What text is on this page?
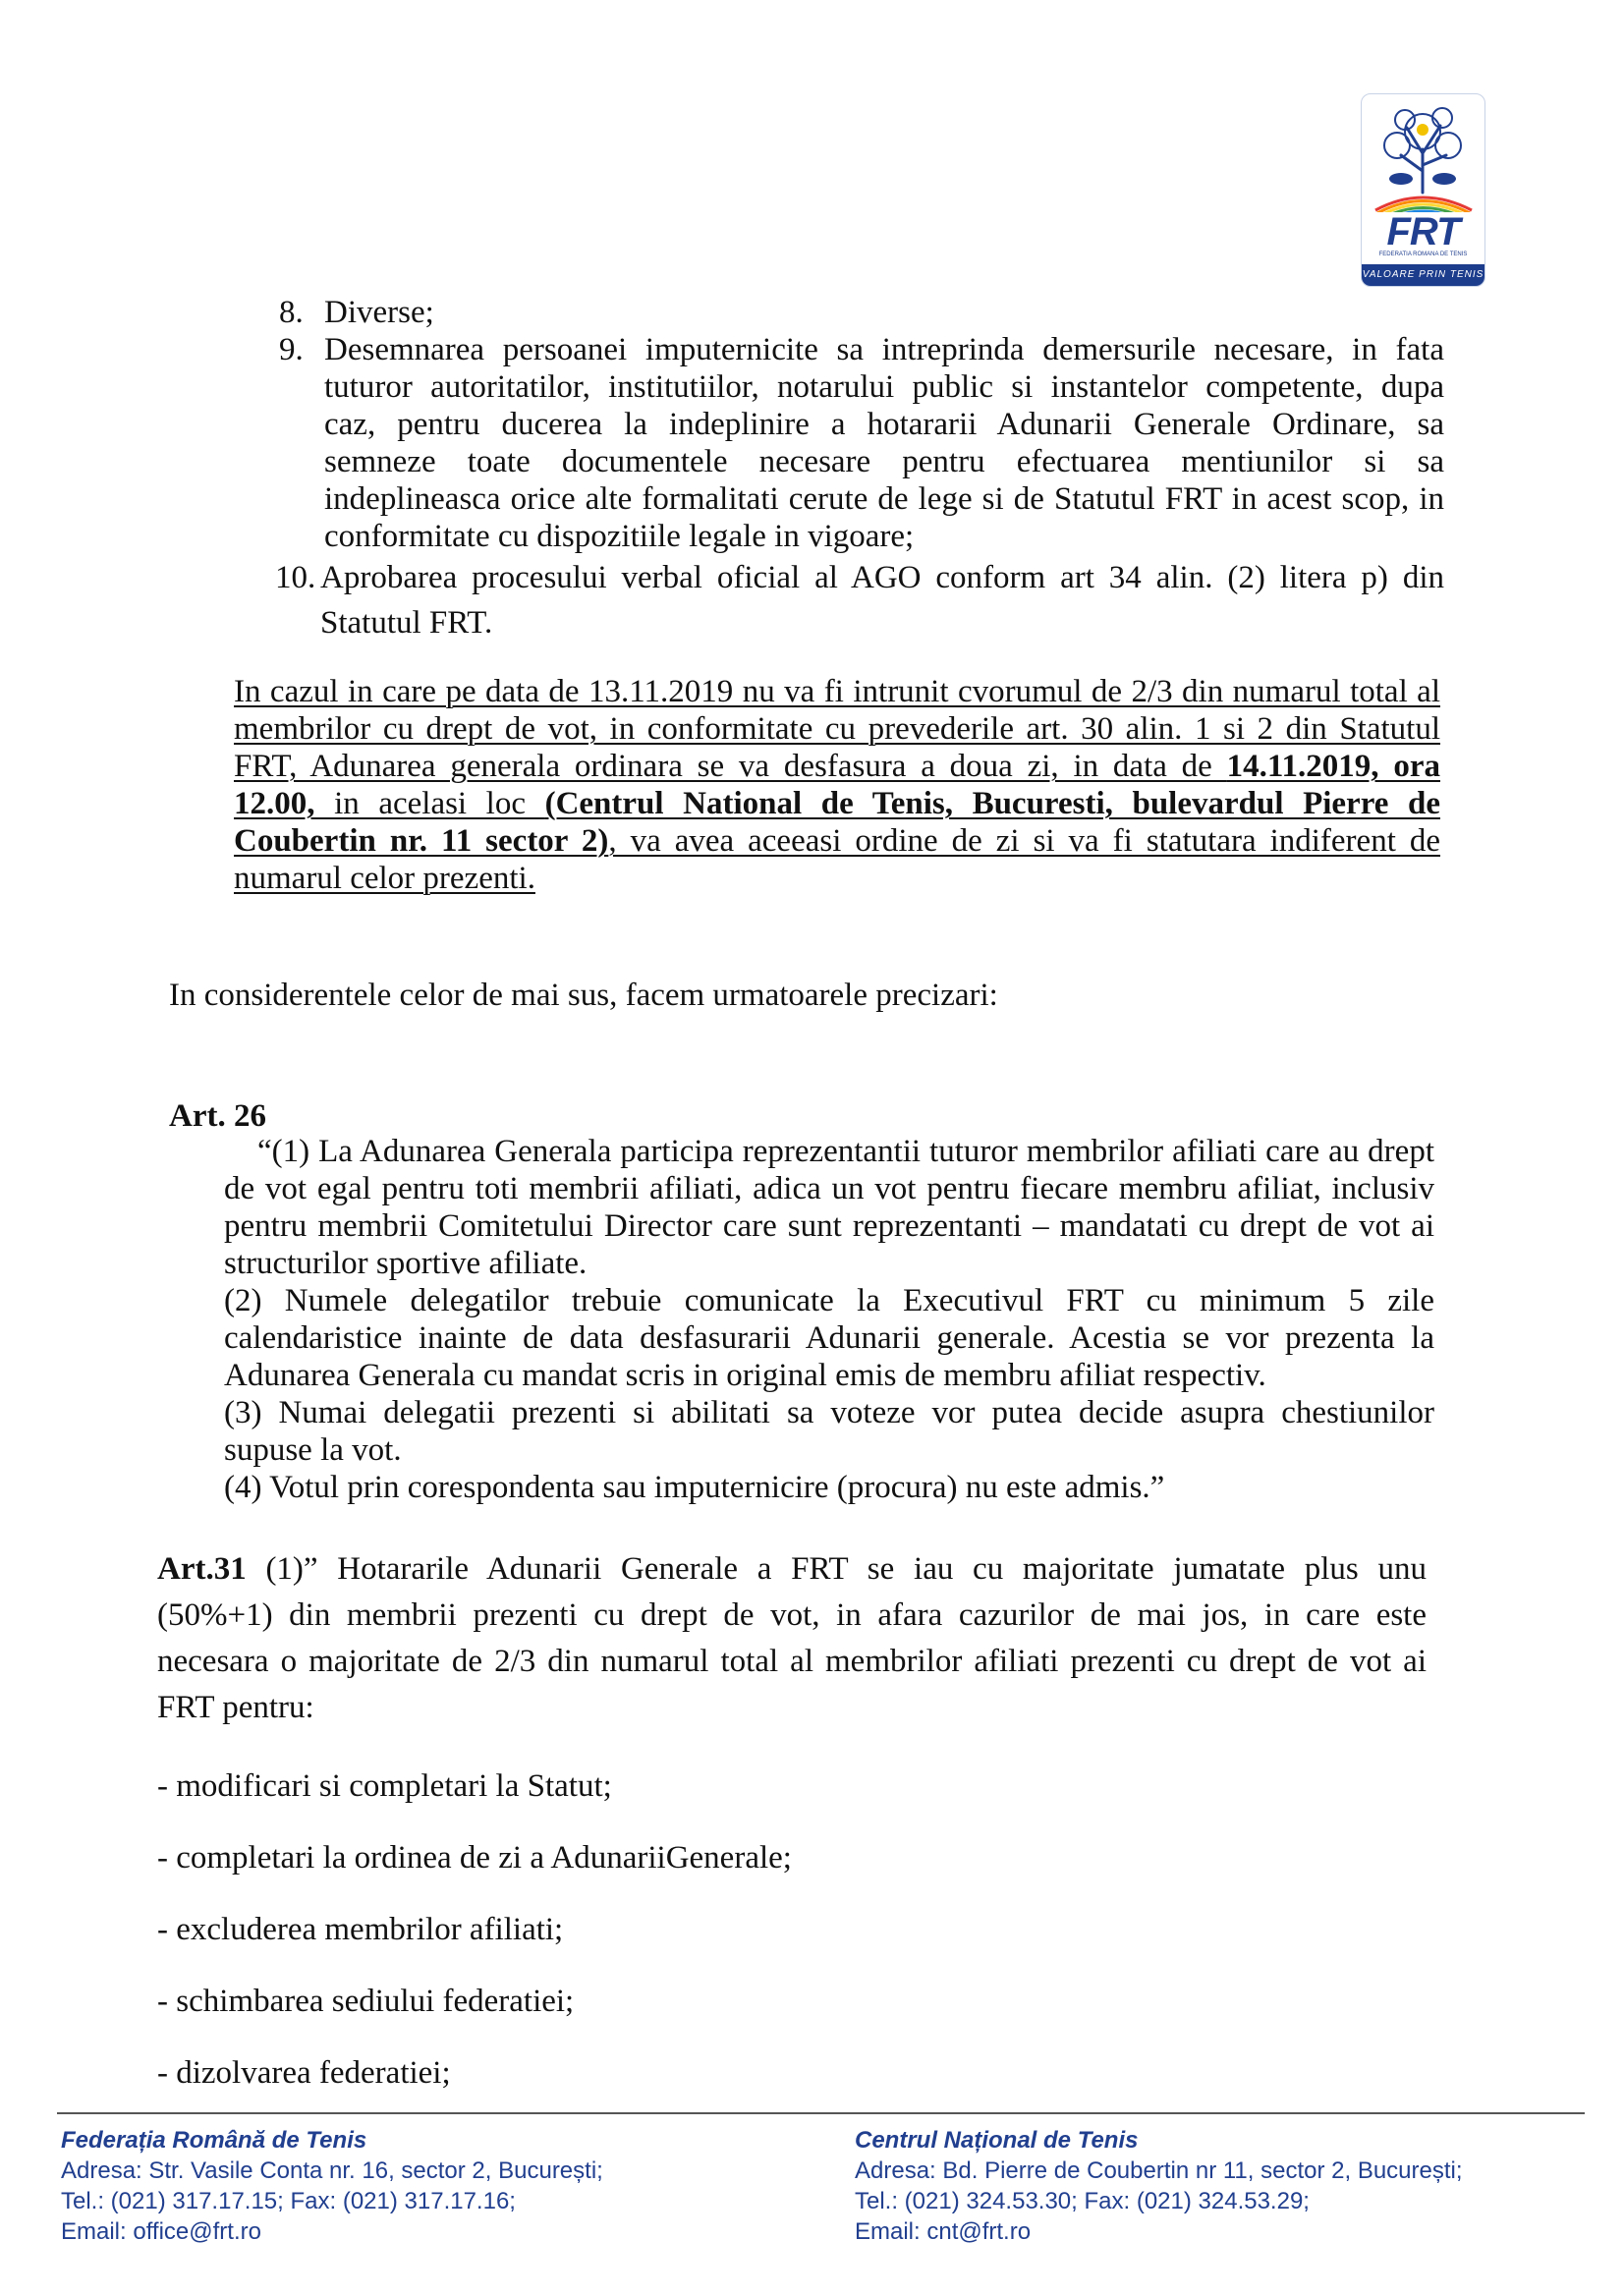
FRT
FEDERATIA ROMANA DE TENIS
VALOARE PRIN TENIS
8. Diverse;
9. Desemnarea persoanei imputernicite sa intreprinda demersurile necesare, in fata
tuturor autoritatilor, institutiilor, notarului public si instantelor competente, dupa
caz, pentru ducerea la indeplinire a hotararii Adunarii Generale Ordinare, sa
semneze toate documentele necesare pentru efectuarea mentiunilor si sa
indeplineasca orice alte formalitati cerute de lege si de Statutul FRT in acest scop, in
conformitate cu dispozitiile legale in vigoare;
10. Aprobarea procesului verbal oficial al AGO conform art 34 alin. (2) litera p) din
Statutul FRT.
In cazul in care pe data de 13.11.2019 nu va fi intrunit cvorumul de 2/3 din numarul total al
membrilor cu drept de vot, in conformitate cu prevederile art. 30 alin. 1 si 2 din Statutul
FRT, Adunarea generala ordinara se va desfasura a doua zi, in data de 14.11.2019, ora
12.00, in acelasi loc (Centrul National de Tenis, Bucuresti, bulevardul Pierre de
Coubertin nr. 11 sector 2), va avea aceeasi ordine de zi si va fi statutara indiferent de
numarul celor prezenti.
In considerentele celor de mai sus, facem urmatoarele precizari:
Art. 26
“(1) La Adunarea Generala participa reprezentantii tuturor membrilor afiliati care au drept
de vot egal pentru toti membrii afiliati, adica un vot pentru fiecare membru afiliat, inclusiv
pentru membrii Comitetului Director care sunt reprezentanti – mandatati cu drept de vot ai
structurilor sportive afiliate.
(2) Numele delegatilor trebuie comunicate la Executivul FRT cu minimum 5 zile
calendaristice inainte de data desfasurarii Adunarii generale. Acestia se vor prezenta la
Adunarea Generala cu mandat scris in original emis de membru afiliat respectiv.
(3) Numai delegatii prezenti si abilitati sa voteze vor putea decide asupra chestiunilor
supuse la vot.
(4) Votul prin corespondenta sau imputernicire (procura) nu este admis.”
Art.31 (1)” Hotararile Adunarii Generale a FRT se iau cu majoritate jumatate plus unu
(50%+1) din membrii prezenti cu drept de vot, in afara cazurilor de mai jos, in care este
necesara o majoritate de 2/3 din numarul total al membrilor afiliati prezenti cu drept de vot ai
FRT pentru:
- modificari si completari la Statut;
- completari la ordinea de zi a AdunariiGenerale;
- excluderea membrilor afiliati;
- schimbarea sediului federatiei;
- dizolvarea federatiei;
Federația Română de Tenis
Adresa: Str. Vasile Conta nr. 16, sector 2, București;
Tel.: (021) 317.17.15; Fax: (021) 317.17.16;
Email: office@frt.ro
Centrul Național de Tenis
Adresa: Bd. Pierre de Coubertin nr 11, sector 2, București;
Tel.: (021) 324.53.30; Fax: (021) 324.53.29;
Email: cnt@frt.ro
